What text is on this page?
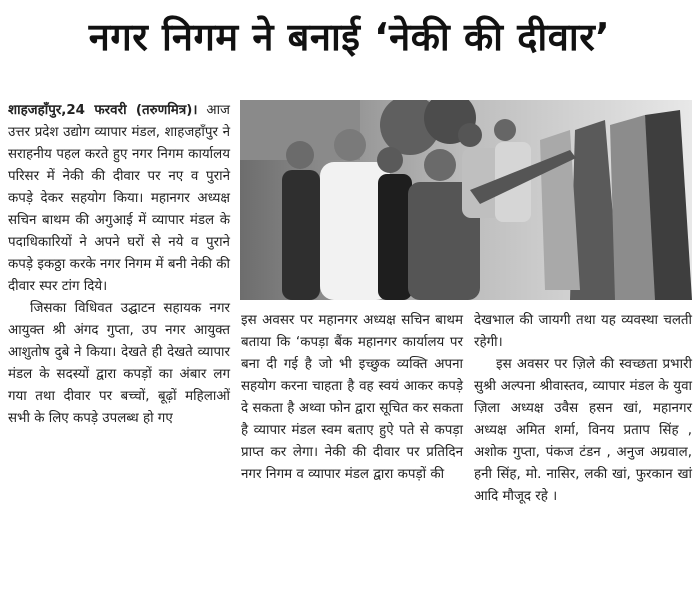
नगर निगम ने बनाई ‘नेकी की दीवार’

शाहजहाँपुर,24 फरवरी (तरुणमित्र)। आज उत्तर प्रदेश उद्योग व्यापार मंडल, शाहजहाँपुर ने सराहनीय पहल करते हुए नगर निगम कार्यालय परिसर में नेकी की दीवार पर नए व पुराने कपड़े देकर सहयोग किया। महानगर अध्यक्ष सचिन बाथम की अगुआई में व्यापार मंडल के पदाधिकारियों ने अपने घरों से नये व पुराने कपड़े इकठ्ठा करके नगर निगम में बनी नेकी की दीवार स्पर टांग दिये।

जिसका विधिवत उद्घाटन सहायक नगर आयुक्त श्री अंगद गुप्ता, उप नगर आयुक्त आशुतोष दुबे ने किया। देखते ही देखते व्यापार मंडल के सदस्यों द्वारा कपड़ों का अंबार लग गया तथा दीवार पर बच्चों, बूढ़ों महिलाओं सभी के लिए कपड़े उपलब्ध हो गए

इस अवसर पर महानगर अध्यक्ष सचिन बाथम बताया कि ‘कपड़ा बैंक महानगर कार्यालय पर बना दी गई है जो भी इच्छुक व्यक्ति अपना सहयोग करना चाहता है वह स्वयं आकर कपड़े दे सकता है अथ्वा फोन द्वारा सूचित कर सकता है व्यापार मंडल स्वम बताए हुऐ पते से कपड़ा प्राप्त कर लेगा। नेकी की दीवार पर प्रतिदिन नगर निगम व व्यापार मंडल द्वारा कपड़ों की

देखभाल की जायगी तथा यह व्यवस्था चलती रहेगी।

इस अवसर पर ज़िले की स्वच्छता प्रभारी सुश्री अल्पना श्रीवास्तव, व्यापार मंडल के युवा ज़िला अध्यक्ष उवैस हसन खां, महानगर अध्यक्ष अमित शर्मा, विनय प्रताप सिंह , अशोक गुप्ता, पंकज टंडन , अनुज अग्रवाल, हनी सिंह, मो. नासिर, लकी खां, फुरकान खां आदि मौजूद रहे ।
